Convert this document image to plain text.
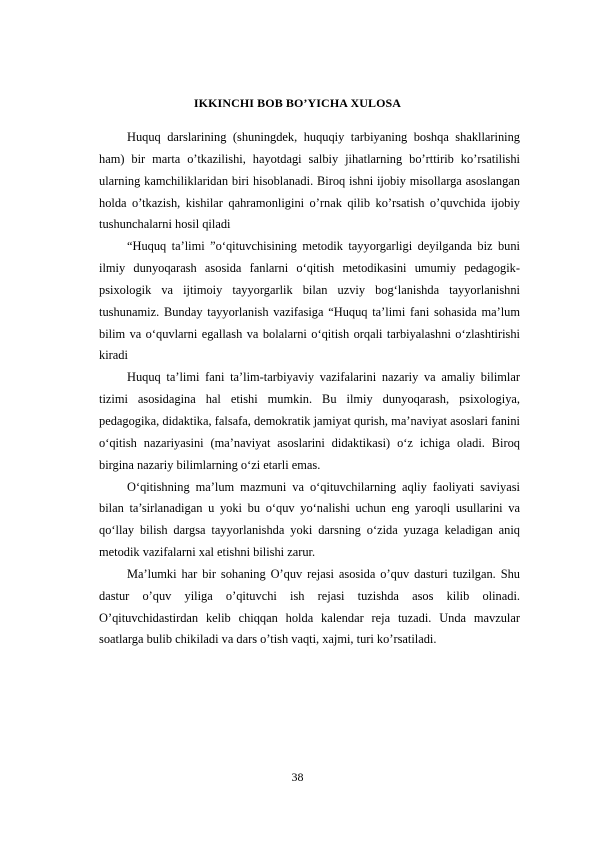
IKKINCHI BOB BO’YICHA XULOSA

Huquq darslarining (shuningdek, huquqiy tarbiyaning boshqa shakllarining ham) bir marta o’tkazilishi, hayotdagi salbiy jihatlarning bo’rttirib ko’rsatilishi ularning kamchiliklaridan biri hisoblanadi. Biroq ishni ijobiy misollarga asoslangan holda o’tkazish, kishilar qahramonligini o’rnak qilib ko’rsatish o’quvchida ijobiy tushunchalarni hosil qiladi

“Huquq ta’limi ”o‘qituvchisining metodik tayyorgarligi deyilganda biz buni ilmiy dunyoqarash asosida fanlarni o‘qitish metodikasini umumiy pedagogik-psixologik va ijtimoiy tayyorgarlik bilan uzviy bog‘lanishda tayyorlanishni tushunamiz. Bunday tayyorlanish vazifasiga “Huquq ta’limi fani sohasida ma’lum bilim va o‘quvlarni egallash va bolalarni o‘qitish orqali tarbiyalashni o‘zlashtirishi kiradi

Huquq ta’limi fani ta’lim-tarbiyaviy vazifalarini nazariy va amaliy bilimlar tizimi asosidagina hal etishi mumkin. Bu ilmiy dunyoqarash, psixologiya, pedagogika, didaktika, falsafa, demokratik jamiyat qurish, ma’naviyat asoslari fanini o‘qitish nazariyasini (ma’naviyat asoslarini didaktikasi) o‘z ichiga oladi. Biroq birgina nazariy bilimlarning o‘zi etarli emas.

O‘qitishning ma’lum mazmuni va o‘qituvchilarning aqliy faoliyati saviyasi bilan ta’sirlanadigan u yoki bu o‘quv yo‘nalishi uchun eng yaroqli usullarini va qo‘llay bilish dargsa tayyorlanishda yoki darsning o‘zida yuzaga keladigan aniq metodik vazifalarni xal etishni bilishi zarur.

Ma’lumki har bir sohaning O’quv rejasi asosida o’quv dasturi tuzilgan. Shu dastur o’quv yiliga o’qituvchi ish rejasi tuzishda asos kilib olinadi. O’qituvchidastirdan kelib chiqqan holda kalendar reja tuzadi. Unda mavzular soatlarga bulib chikiladi va dars o’tish vaqti, xajmi, turi ko’rsatiladi.

38
